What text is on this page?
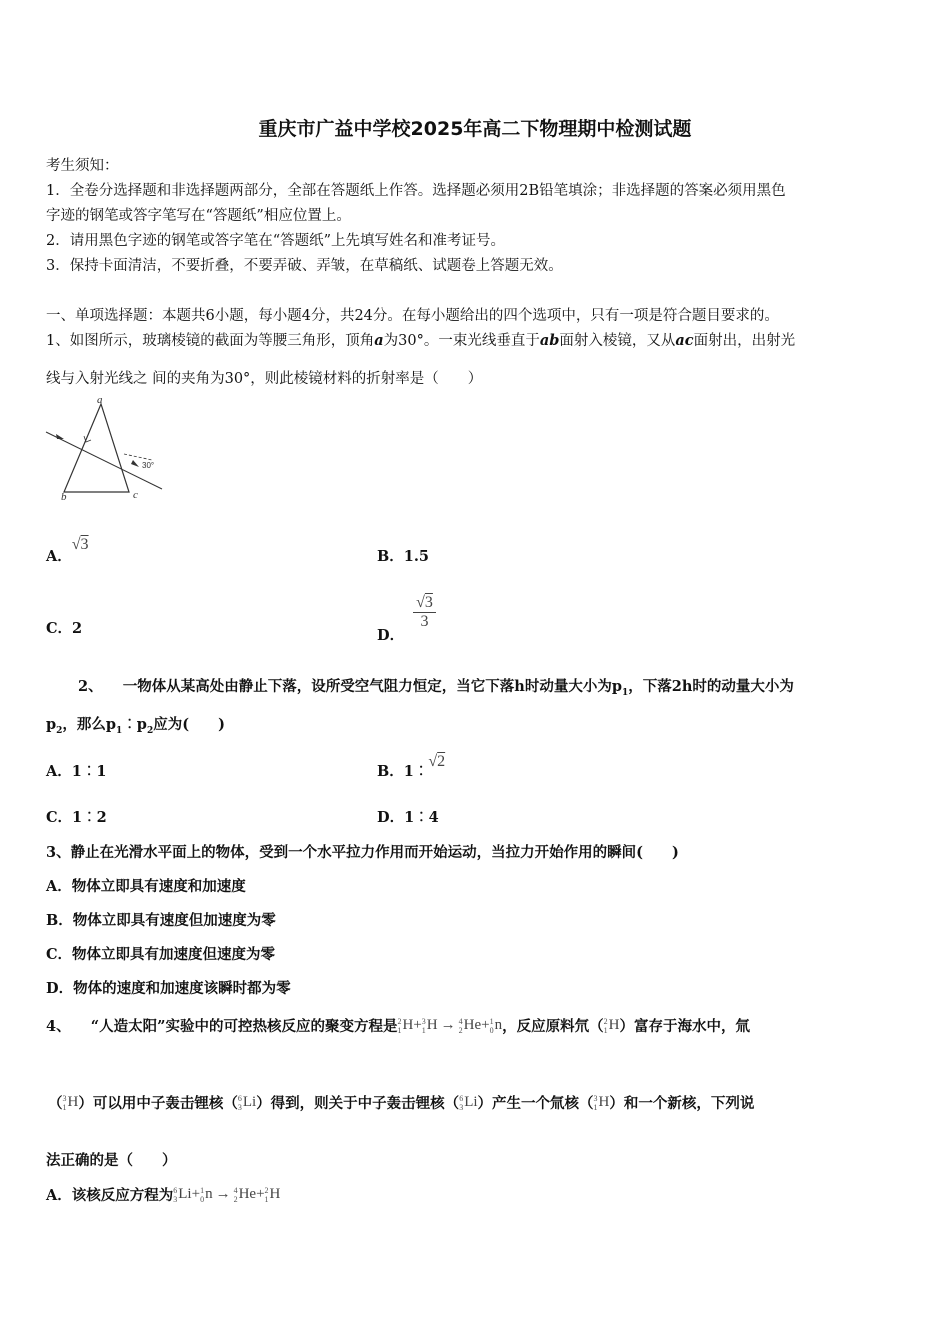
重庆市广益中学校2025年高二下物理期中检测试题
考生须知：
1．全卷分选择题和非选择题两部分，全部在答题纸上作答。选择题必须用2B铅笔填涂；非选择题的答案必须用黑色
字迹的钢笔或答字笔写在“答题纸”相应位置上。
2．请用黑色字迹的钢笔或答字笔在“答题纸”上先填写姓名和准考证号。
3．保持卡面清洁，不要折叠，不要弄破、弄皱，在草稿纸、试题卷上答题无效。
一、单项选择题：本题共6小题，每小题4分，共24分。在每小题给出的四个选项中，只有一项是符合题目要求的。
1、如图所示，玻璃棱镜的截面为等腰三角形，顶角a为30°。一束光线垂直于ab面射入棱镜，又从ac面射出，出射光
线与入射光线之 间的夹角为30°，则此棱镜材料的折射率是（　　）
a
b	c
30°
A．√3
B．1.5
C．2	D．
$\frac{√3}{3}$
2、 一物体从某高处由静止下落，设所受空气阻力恒定，当它下落h时动量大小为$p_1$，下落2h时的动量大小为
$p_2$，那么$p_1︰p_2$应为(　　)
A．1︰1	B．1︰√2
C．1︰2	D．1︰4
3、静止在光滑水平面上的物体，受到一个水平拉力作用而开始运动，当拉力开始作用的瞬间(　　)
A．物体立即具有速度和加速度
B．物体立即具有速度但加速度为零
C．物体立即具有加速度但速度为零
D．物体的速度和加速度该瞬时都为零
4、
“人造太阳”实验中的可控热核反应的聚变方程是 2
1 H + 3
1 H → 4
2 He + 1
0 n ，反应原料氘（ 2
1 H ）富存于海水中，氚
（ 3
1 H ）可以用中子轰击锂核（ 6
3 Li ）得到，则关于中子轰击锂核（ 6
3 Li ）产生一个氚核（ 3
1 H ）和一个新核，下列说
法正确的是（　　）
A．该核反应方程为 6
3 Li + 1
0 n → 4
2 He + 2
1 H
